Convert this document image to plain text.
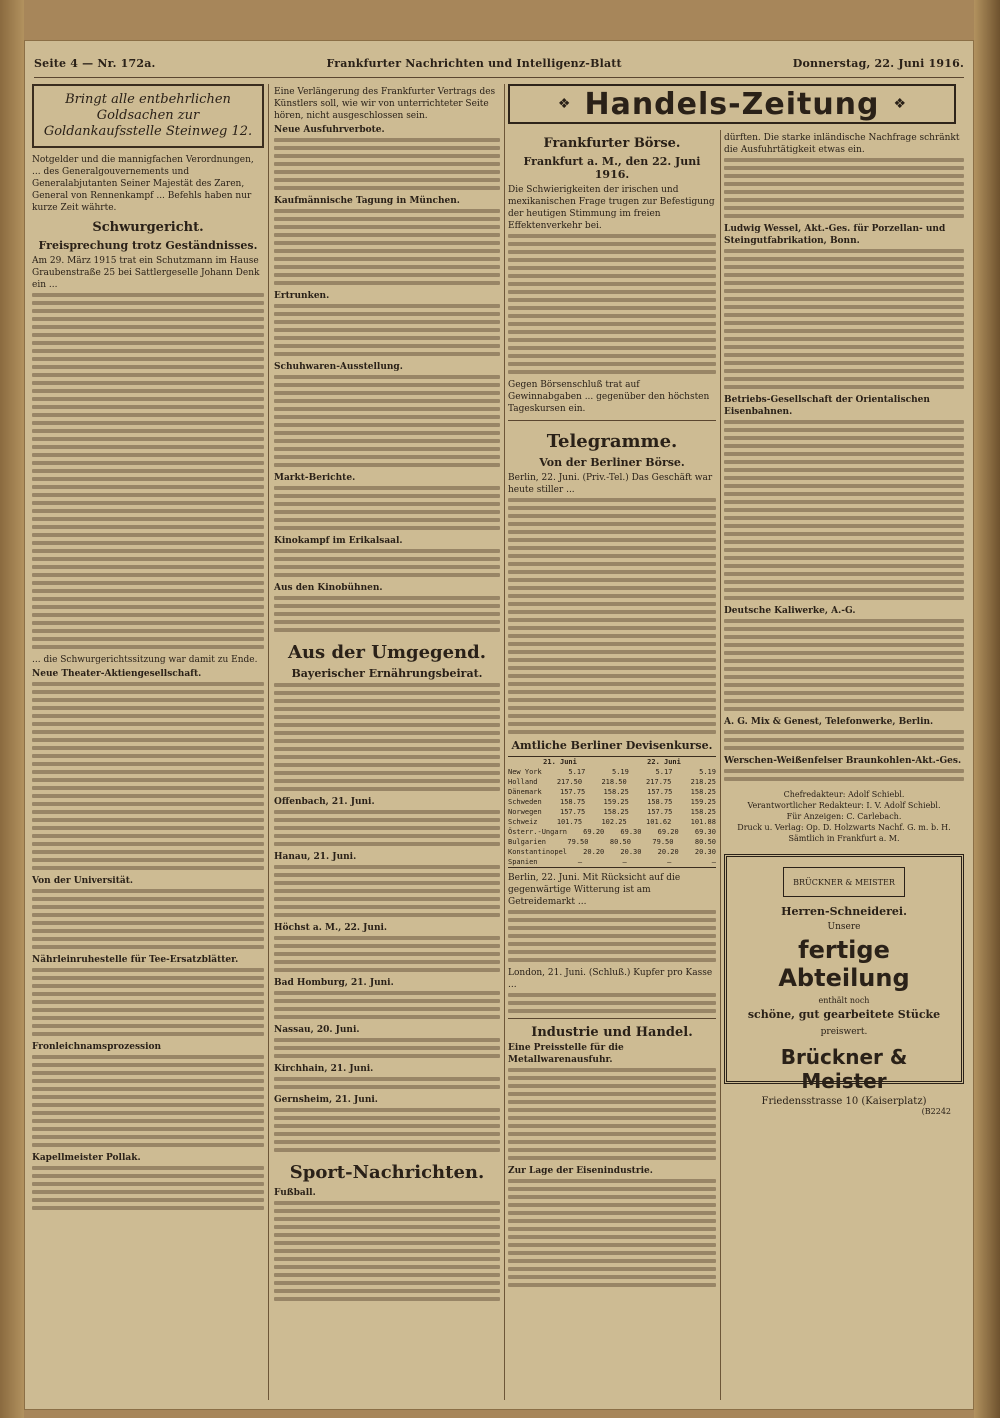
Seite 4 — Nr. 172a.	Frankfurter Nachrichten und Intelligenz-Blatt	Donnerstag, 22. Juni 1916.
Bringt alle entbehrlichen Goldsachen zur Goldankaufsstelle Steinweg 12.
Notgelder und die mannigfachen Verordnungen, ... des Generalgouvernements und Generalabjutanten Seiner Majestät des Zaren, General von Rennenkampf ... Befehls haben nur kurze Zeit währte.
Schwurgericht.
Freisprechung trotz Geständnisses.
Am 29. März 1915 trat ein Schutzmann im Hause Graubenstraße 25 bei Sattlergeselle Johann Denk ein ...
... die Schwurgerichtssitzung war damit zu Ende.
Neue Theater-Aktiengesellschaft.
Von der Universität.
Nährleinruhestelle für Tee-Ersatzblätter.
Fronleichnamsprozession
Kapellmeister Pollak.
Eine Verlängerung des Frankfurter Vertrags des Künstlers soll, wie wir von unterrichteter Seite hören, nicht ausgeschlossen sein.
Neue Ausfuhrverbote.
Kaufmännische Tagung in München.
Ertrunken.
Schuhwaren-Ausstellung.
Markt-Berichte.
Kinokampf im Erikalsaal.
Aus den Kinobühnen.
Aus der Umgegend.
Bayerischer Ernährungsbeirat.
Offenbach, 21. Juni.
Hanau, 21. Juni.
Höchst a. M., 22. Juni.
Bad Homburg, 21. Juni.
Nassau, 20. Juni.
Kirchhain, 21. Juni.
Gernsheim, 21. Juni.
Sport-Nachrichten.
Fußball.
❖ Handels-Zeitung ❖
Frankfurter Börse.
Frankfurt a. M., den 22. Juni 1916.
Die Schwierigkeiten der irischen und mexikanischen Frage trugen zur Befestigung der heutigen Stimmung im freien Effektenverkehr bei.
Gegen Börsenschluß trat auf Gewinnabgaben ... gegenüber den höchsten Tageskursen ein.
Telegramme.
Von der Berliner Börse.
Berlin, 22. Juni. (Priv.-Tel.) Das Geschäft war heute stiller ...
Amtliche Berliner Devisenkurse.
21. Juni	22. Juni
New York	5.17	5.19	5.17	5.19
Holland	217.50	218.50	217.75	218.25
Dänemark	157.75	158.25	157.75	158.25
Schweden	158.75	159.25	158.75	159.25
Norwegen	157.75	158.25	157.75	158.25
Schweiz	101.75	102.25	101.62	101.88
Österr.-Ungarn 69.20 69.30 69.20 69.30
Bulgarien	79.50	80.50	79.50	80.50
Konstantinopel 20.20 20.30 20.20 20.30
Spanien	—	—	—	—
Berlin, 22. Juni. Mit Rücksicht auf die gegenwärtige Witterung ist am Getreidemarkt ...
London, 21. Juni. (Schluß.) Kupfer pro Kasse ...
Industrie und Handel.
Eine Preisstelle für die Metallwarenausfuhr.
Zur Lage der Eisenindustrie.
dürften. Die starke inländische Nachfrage schränkt die Ausfuhrtätigkeit etwas ein.
Ludwig Wessel, Akt.-Ges. für Porzellan- und Steingutfabrikation, Bonn.
Betriebs-Gesellschaft der Orientalischen Eisenbahnen.
Deutsche Kaliwerke, A.-G.
A. G. Mix & Genest, Telefonwerke, Berlin.
Werschen-Weißenfelser Braunkohlen-Akt.-Ges.
Chefredakteur: Adolf Schiebl.
Verantwortlicher Redakteur: I. V. Adolf Schiebl.
Für Anzeigen: C. Carlebach.
Druck u. Verlag: Op. D. Holzwarts Nachf. G. m. b. H.
Sämtlich in Frankfurt a. M.
BRÜCKNER & MEISTER
Herren-Schneiderei.
Unsere
fertige Abteilung
enthält noch
schöne, gut gearbeitete Stücke
preiswert.
Brückner & Meister
Friedensstrasse 10 (Kaiserplatz)
(B2242
